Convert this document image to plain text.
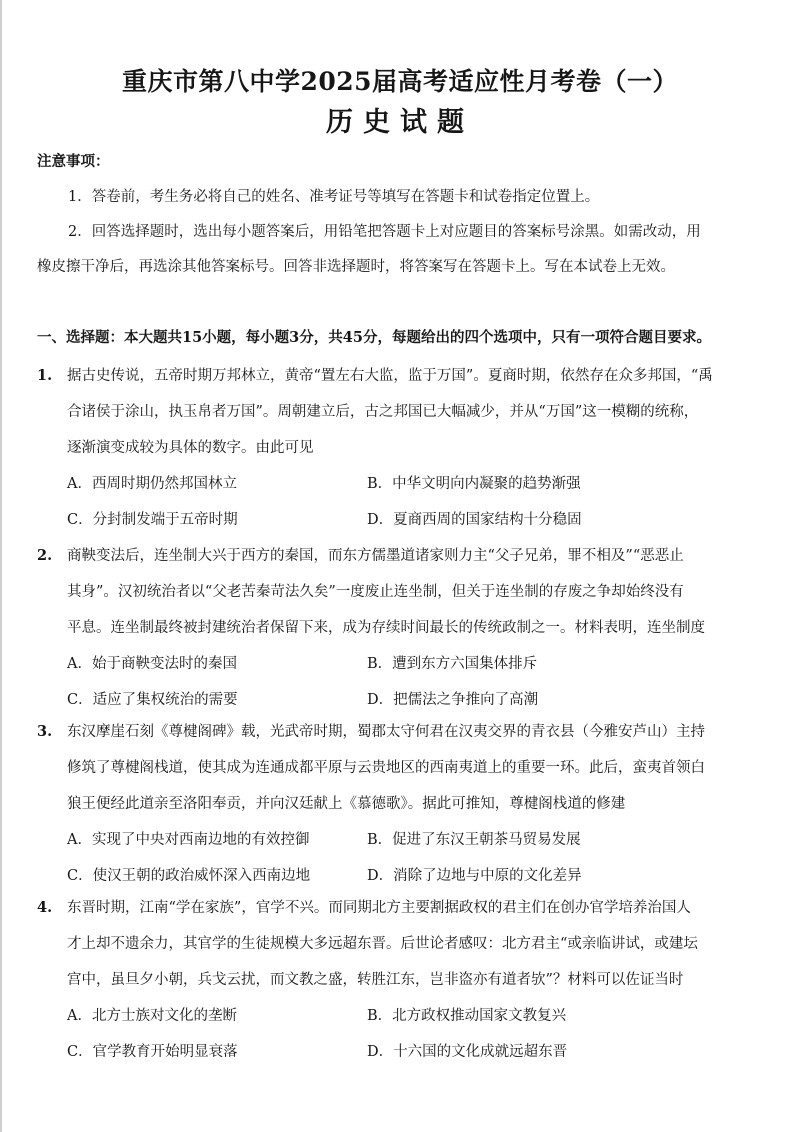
重庆市第八中学2025届高考适应性月考卷（一）
历史试题
注意事项：
1．答卷前，考生务必将自己的姓名、准考证号等填写在答题卡和试卷指定位置上。
2．回答选择题时，选出每小题答案后，用铅笔把答题卡上对应题目的答案标号涂黑。如需改动，用
橡皮擦干净后，再选涂其他答案标号。回答非选择题时，将答案写在答题卡上。写在本试卷上无效。
一、选择题：本大题共15小题，每小题3分，共45分，每题给出的四个选项中，只有一项符合题目要求。
1. 据古史传说，五帝时期万邦林立，黄帝“置左右大监，监于万国”。夏商时期，依然存在众多邦国，“禹
合诸侯于涂山，执玉帛者万国”。周朝建立后，古之邦国已大幅减少，并从“万国”这一模糊的统称，
逐渐演变成较为具体的数字。由此可见
A．西周时期仍然邦国林立	B．中华文明向内凝聚的趋势渐强
C．分封制发端于五帝时期	D．夏商西周的国家结构十分稳固
2. 商鞅变法后，连坐制大兴于西方的秦国，而东方儒墨道诸家则力主“父子兄弟，罪不相及”“恶恶止
其身”。汉初统治者以“父老苦秦苛法久矣”一度废止连坐制，但关于连坐制的存废之争却始终没有
平息。连坐制最终被封建统治者保留下来，成为存续时间最长的传统政制之一。材料表明，连坐制度
A．始于商鞅变法时的秦国	B．遭到东方六国集体排斥
C．适应了集权统治的需要	D．把儒法之争推向了高潮
3. 东汉摩崖石刻《尊楗阁碑》载，光武帝时期，蜀郡太守何君在汉夷交界的青衣县（今雅安芦山）主持
修筑了尊楗阁栈道，使其成为连通成都平原与云贵地区的西南夷道上的重要一环。此后，蛮夷首领白
狼王便经此道亲至洛阳奉贡，并向汉廷献上《慕德歌》。据此可推知，尊楗阁栈道的修建
A．实现了中央对西南边地的有效控御	B．促进了东汉王朝茶马贸易发展
C．使汉王朝的政治威怀深入西南边地	D．消除了边地与中原的文化差异
4. 东晋时期，江南“学在家族”，官学不兴。而同期北方主要割据政权的君主们在创办官学培养治国人
才上却不遗余力，其官学的生徒规模大多远超东晋。后世论者感叹：北方君主“或亲临讲试，或建坛
宫中，虽旦夕小朝，兵戈云扰，而文教之盛，转胜江东，岂非盗亦有道者欤”？材料可以佐证当时
A．北方士族对文化的垄断	B．北方政权推动国家文教复兴
C．官学教育开始明显衰落	D．十六国的文化成就远超东晋
